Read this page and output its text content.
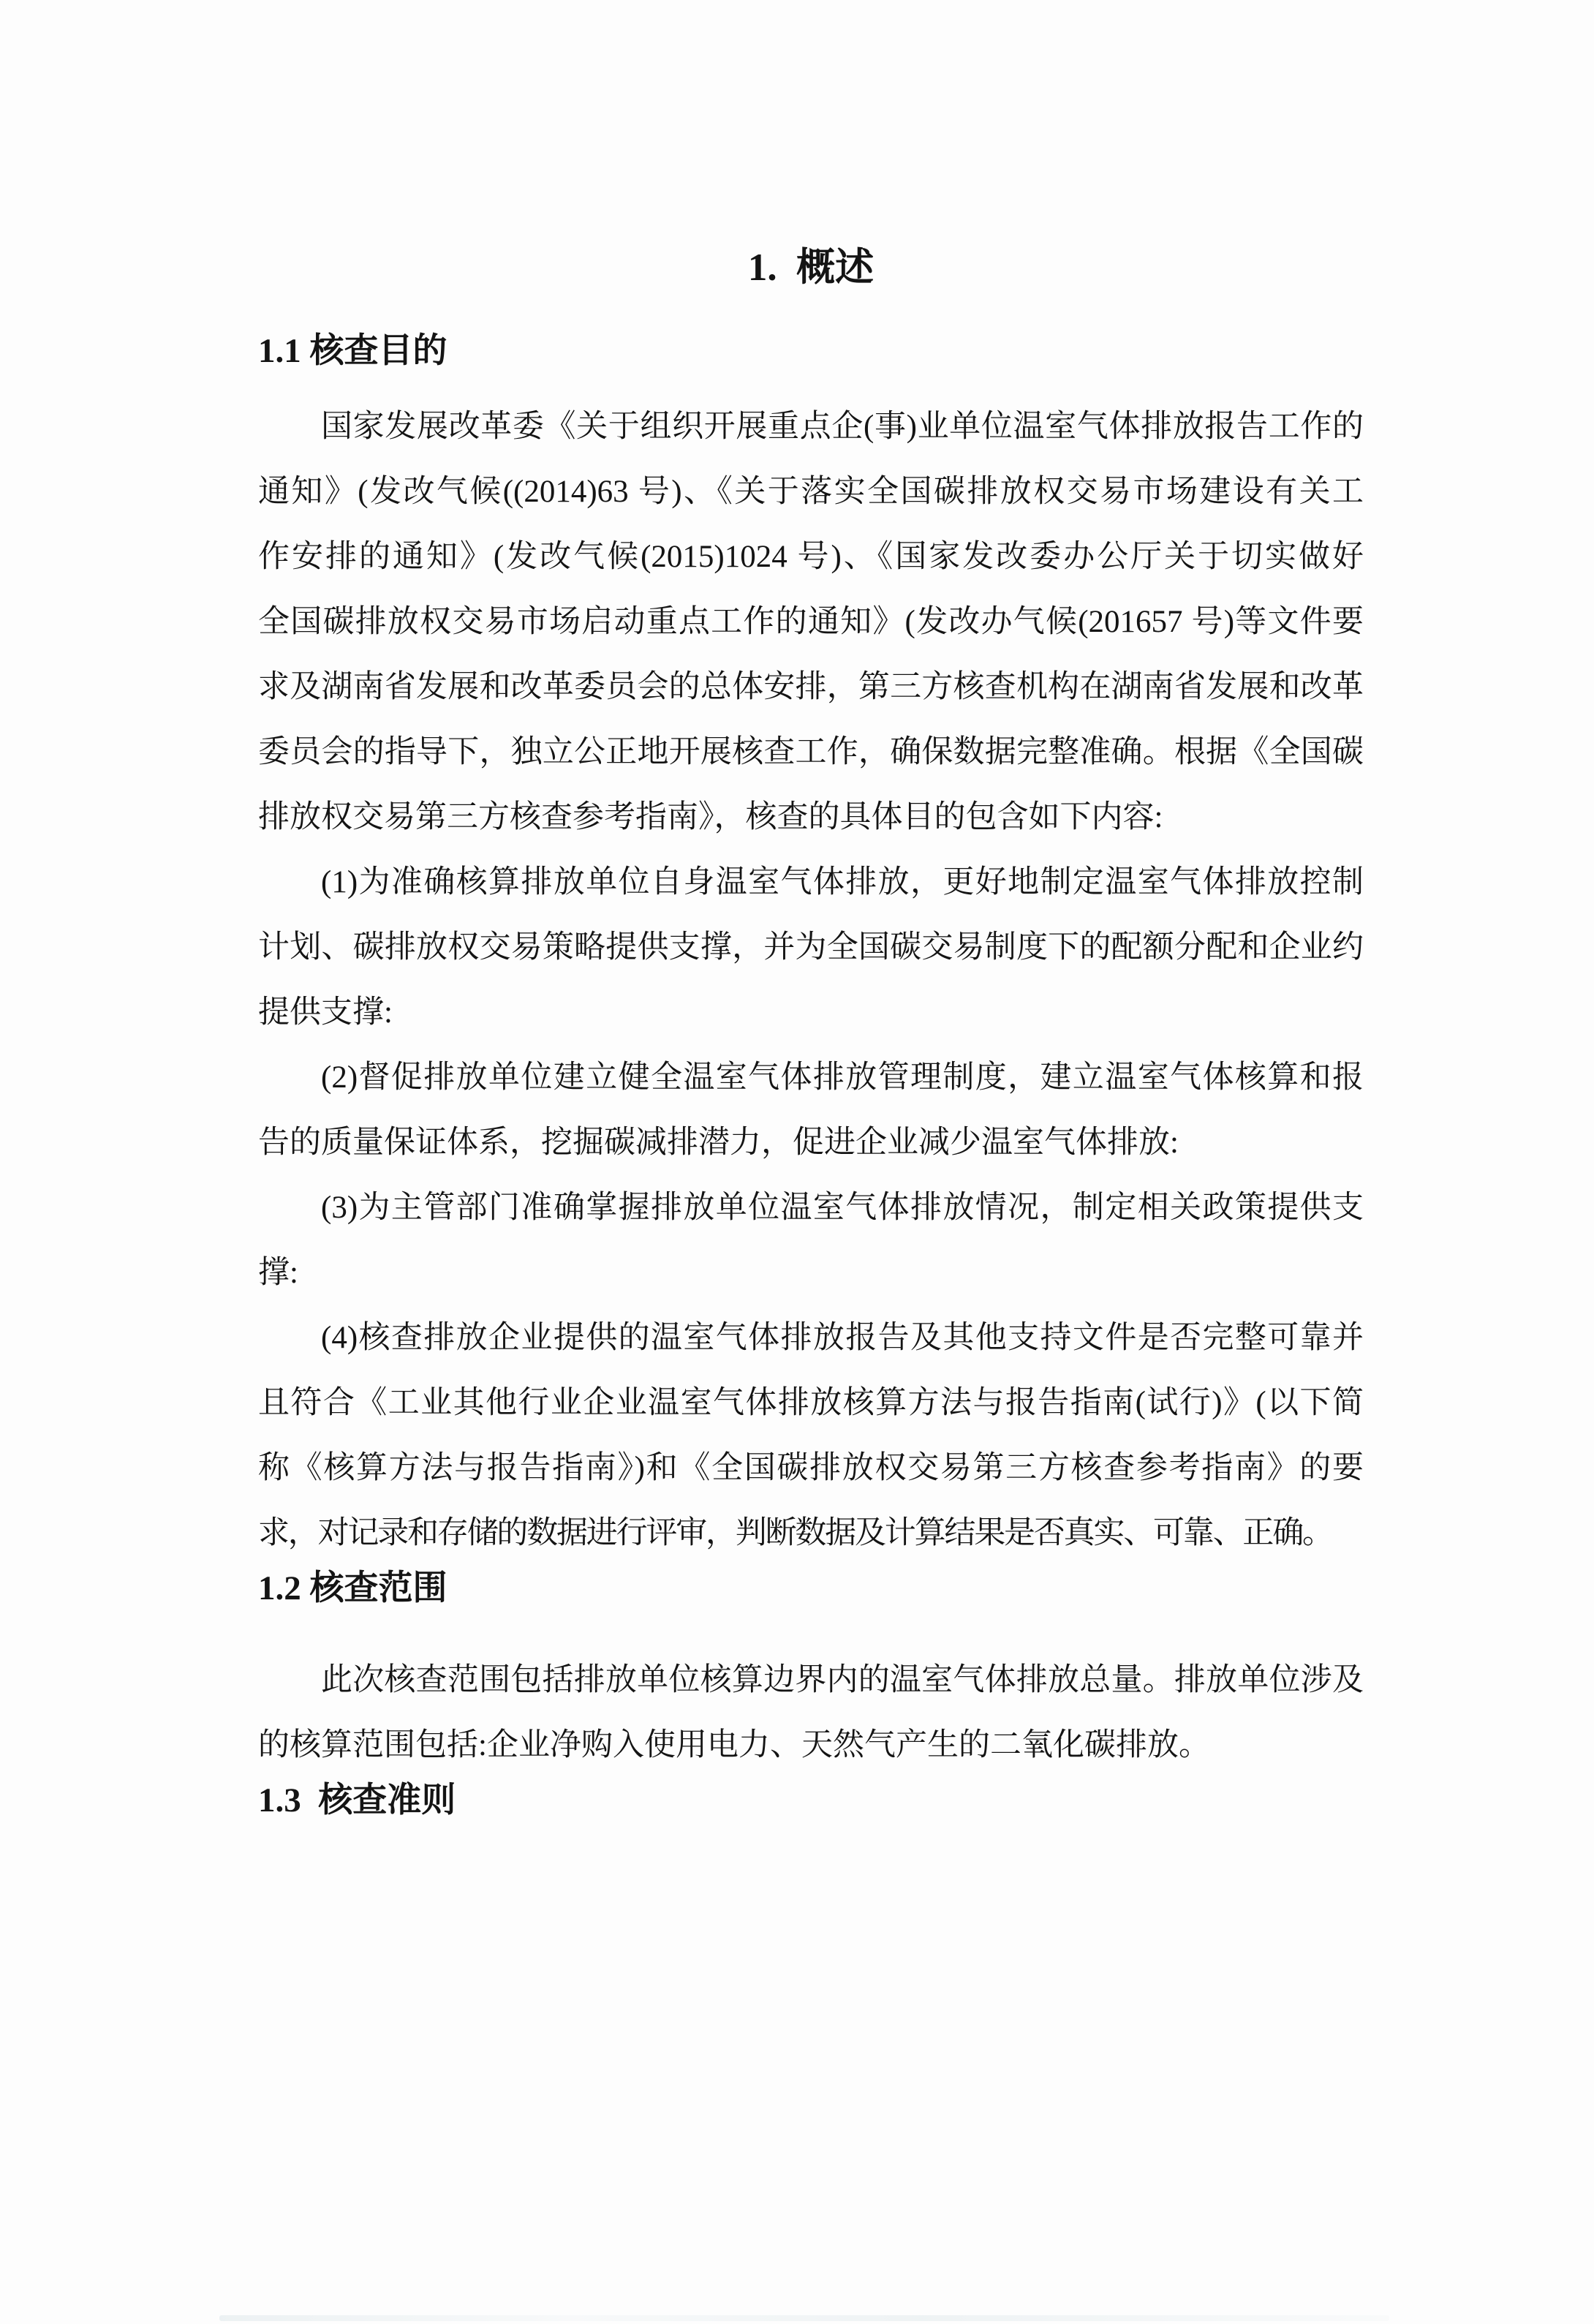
1.  概述
1.1 核查目的
国家发展改革委《关于组织开展重点企(事)业单位温室气体排放报告工作的
通知》(发改气候((2014)63 号)、《关于落实全国碳排放权交易市场建设有关工
作安排的通知》(发改气候(2015)1024 号)、《国家发改委办公厅关于切实做好
全国碳排放权交易市场启动重点工作的通知》(发改办气候(201657 号)等文件要
求及湖南省发展和改革委员会的总体安排，第三方核查机构在湖南省发展和改革
委员会的指导下，独立公正地开展核查工作，确保数据完整准确。根据《全国碳
排放权交易第三方核查参考指南》，核查的具体目的包含如下内容:
(1)为准确核算排放单位自身温室气体排放，更好地制定温室气体排放控制
计划、碳排放权交易策略提供支撑，并为全国碳交易制度下的配额分配和企业约
提供支撑:
(2)督促排放单位建立健全温室气体排放管理制度，建立温室气体核算和报
告的质量保证体系，挖掘碳减排潜力，促进企业减少温室气体排放:
(3)为主管部门准确掌握排放单位温室气体排放情况，制定相关政策提供支
撑:
(4)核查排放企业提供的温室气体排放报告及其他支持文件是否完整可靠并
且符合《工业其他行业企业温室气体排放核算方法与报告指南(试行)》(以下简
称《核算方法与报告指南》)和《全国碳排放权交易第三方核查参考指南》的要
求，对记录和存储的数据进行评审，判断数据及计算结果是否真实、可靠、正确。
1.2 核查范围
此次核查范围包括排放单位核算边界内的温室气体排放总量。排放单位涉及
的核算范围包括:企业净购入使用电力、天然气产生的二氧化碳排放。
1.3  核查准则
